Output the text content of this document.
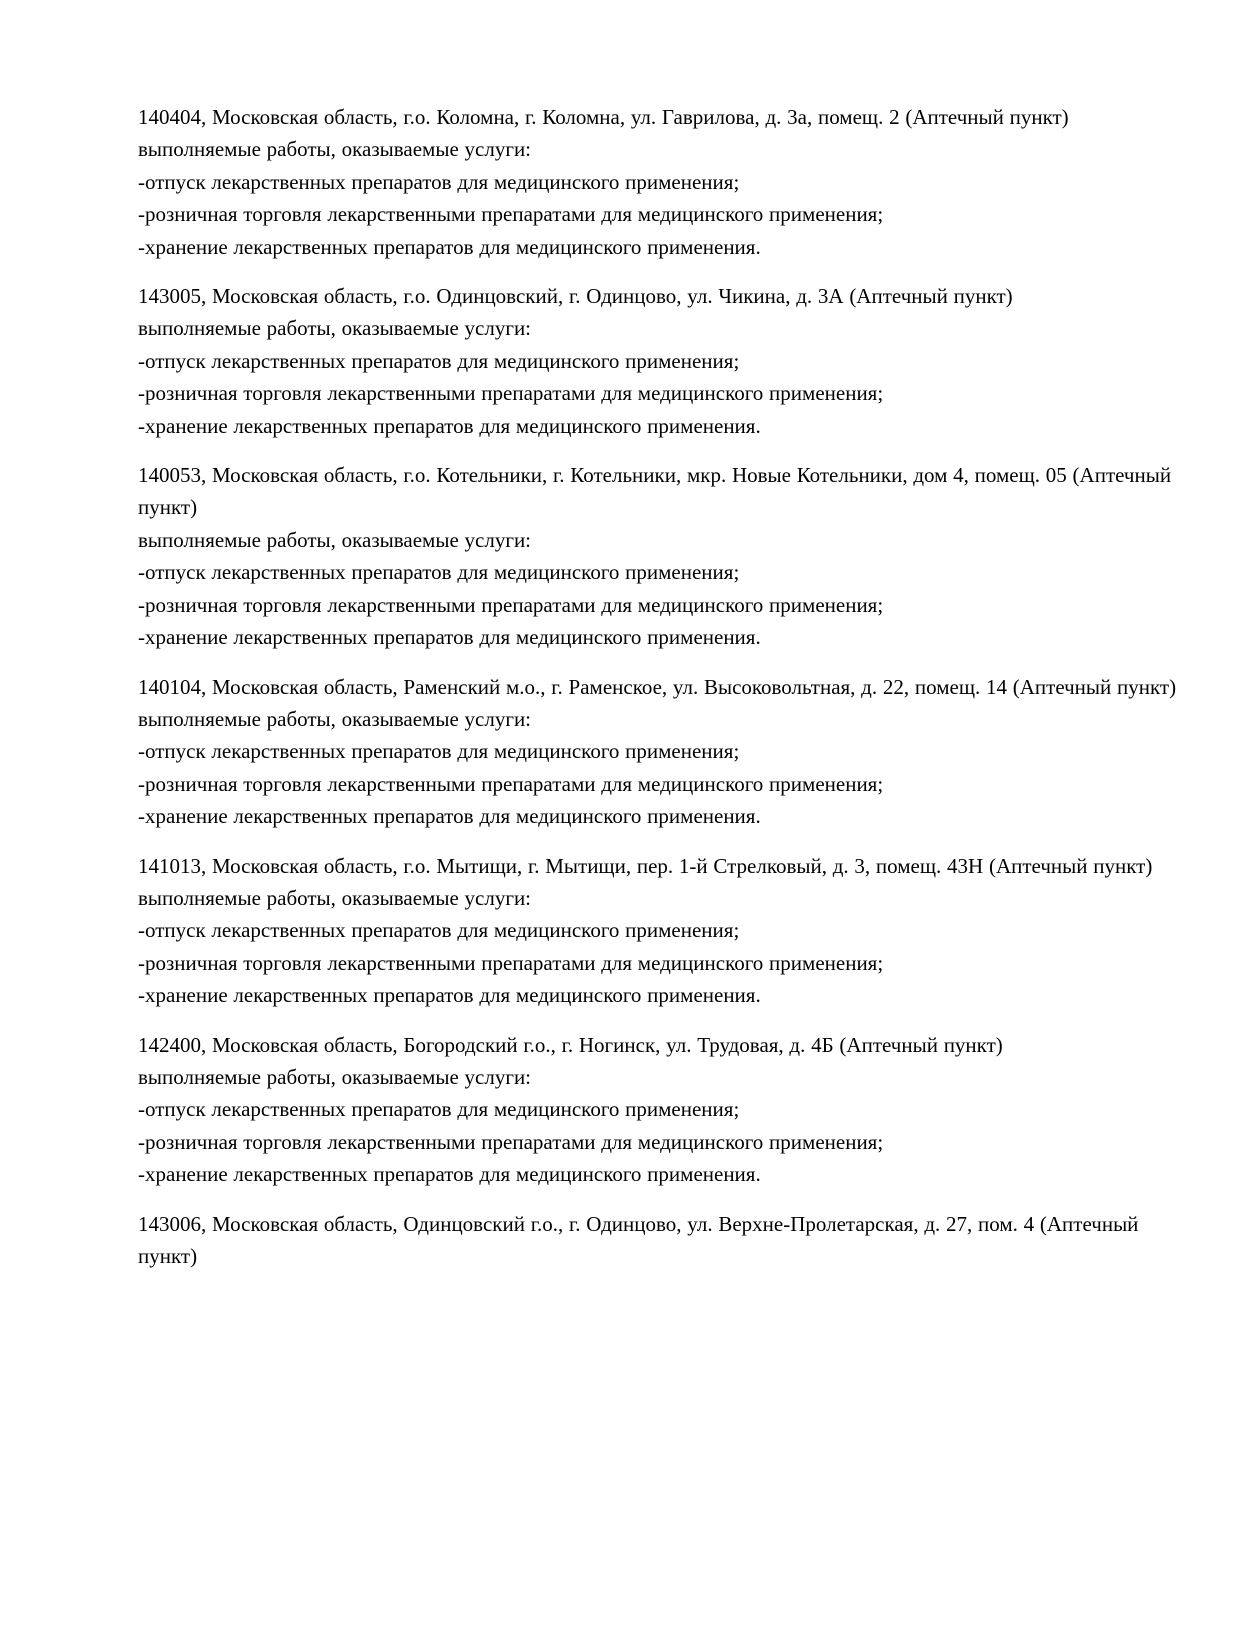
140404, Московская область, г.о. Коломна, г. Коломна, ул. Гаврилова, д. 3а, помещ. 2 (Аптечный пункт)

выполняемые работы, оказываемые услуги:

-отпуск лекарственных препаратов для медицинского применения;

-розничная торговля лекарственными препаратами для медицинского применения;

-хранение лекарственных препаратов для медицинского применения.

143005, Московская область, г.о. Одинцовский, г. Одинцово, ул. Чикина, д. 3А (Аптечный пункт)

выполняемые работы, оказываемые услуги:

-отпуск лекарственных препаратов для медицинского применения;

-розничная торговля лекарственными препаратами для медицинского применения;

-хранение лекарственных препаратов для медицинского применения.

140053, Московская область, г.о. Котельники, г. Котельники, мкр. Новые Котельники, дом 4, помещ. 05 (Аптечный пункт)

выполняемые работы, оказываемые услуги:

-отпуск лекарственных препаратов для медицинского применения;

-розничная торговля лекарственными препаратами для медицинского применения;

-хранение лекарственных препаратов для медицинского применения.

140104, Московская область, Раменский м.о., г. Раменское, ул. Высоковольтная, д. 22, помещ. 14 (Аптечный пункт)

выполняемые работы, оказываемые услуги:

-отпуск лекарственных препаратов для медицинского применения;

-розничная торговля лекарственными препаратами для медицинского применения;

-хранение лекарственных препаратов для медицинского применения.

141013, Московская область, г.о. Мытищи, г. Мытищи, пер. 1-й Стрелковый, д. 3, помещ. 43Н (Аптечный пункт)

выполняемые работы, оказываемые услуги:

-отпуск лекарственных препаратов для медицинского применения;

-розничная торговля лекарственными препаратами для медицинского применения;

-хранение лекарственных препаратов для медицинского применения.

142400, Московская область, Богородский г.о., г. Ногинск, ул. Трудовая, д. 4Б (Аптечный пункт)

выполняемые работы, оказываемые услуги:

-отпуск лекарственных препаратов для медицинского применения;

-розничная торговля лекарственными препаратами для медицинского применения;

-хранение лекарственных препаратов для медицинского применения.

143006, Московская область, Одинцовский г.о., г. Одинцово, ул. Верхне-Пролетарская, д. 27, пом. 4 (Аптечный пункт)
